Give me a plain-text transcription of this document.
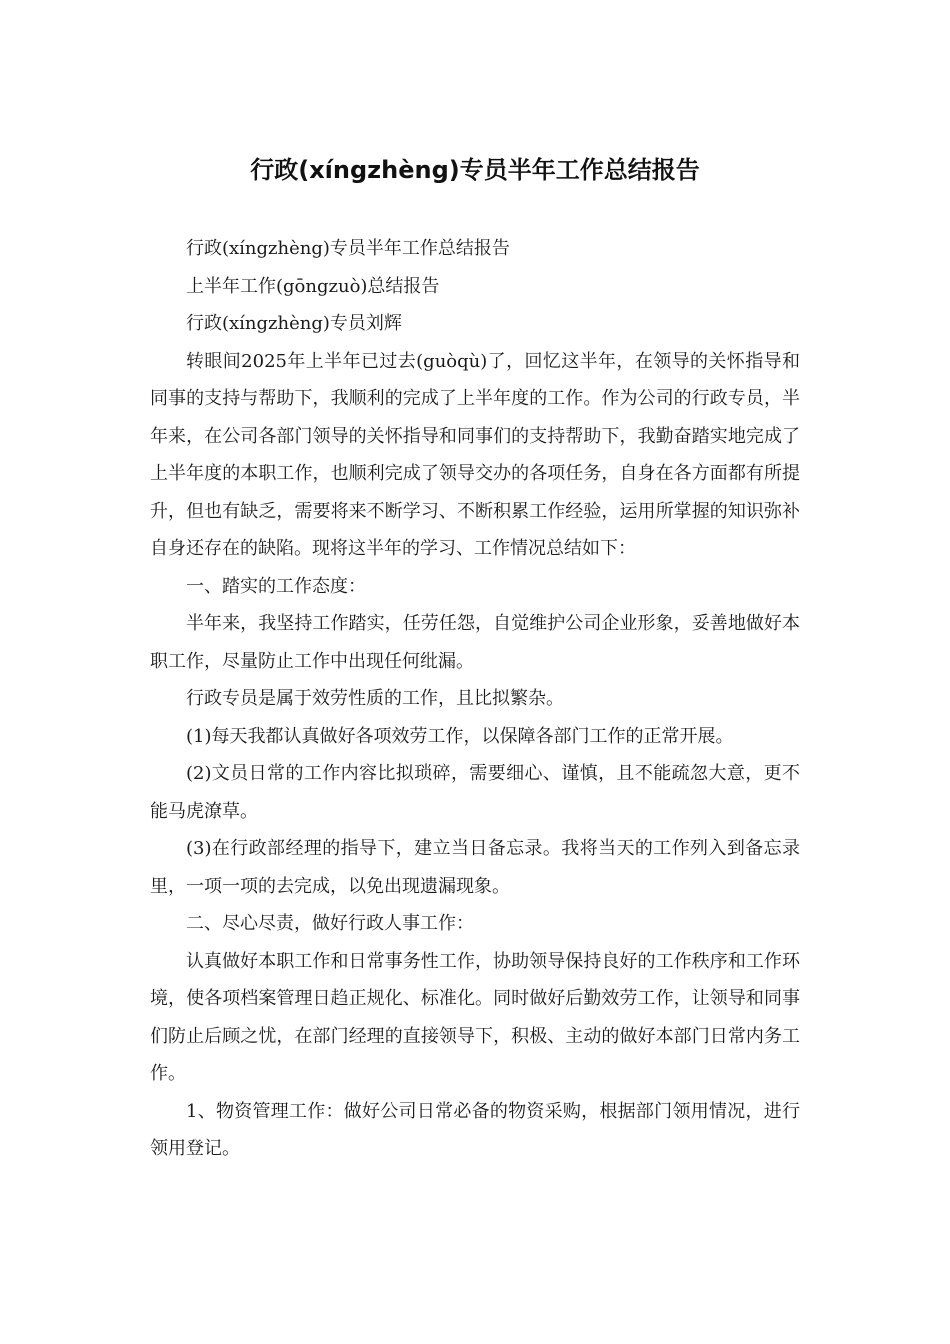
行政(xíngzhèng)专员半年工作总结报告

行政(xíngzhèng)专员半年工作总结报告

上半年工作(gōngzuò)总结报告

行政(xíngzhèng)专员刘辉

转眼间2025年上半年已过去(guòqù)了，回忆这半年，在领导的关怀指导和同事的支持与帮助下，我顺利的完成了上半年度的工作。作为公司的行政专员，半年来，在公司各部门领导的关怀指导和同事们的支持帮助下，我勤奋踏实地完成了上半年度的本职工作，也顺利完成了领导交办的各项任务，自身在各方面都有所提升，但也有缺乏，需要将来不断学习、不断积累工作经验，运用所掌握的知识弥补自身还存在的缺陷。现将这半年的学习、工作情况总结如下：

一、踏实的工作态度：

半年来，我坚持工作踏实，任劳任怨，自觉维护公司企业形象，妥善地做好本职工作，尽量防止工作中出现任何纰漏。

行政专员是属于效劳性质的工作，且比拟繁杂。

(1)每天我都认真做好各项效劳工作，以保障各部门工作的正常开展。

(2)文员日常的工作内容比拟琐碎，需要细心、谨慎，且不能疏忽大意，更不能马虎潦草。

(3)在行政部经理的指导下，建立当日备忘录。我将当天的工作列入到备忘录里，一项一项的去完成，以免出现遗漏现象。

二、尽心尽责，做好行政人事工作：

认真做好本职工作和日常事务性工作，协助领导保持良好的工作秩序和工作环境，使各项档案管理日趋正规化、标准化。同时做好后勤效劳工作，让领导和同事们防止后顾之忧，在部门经理的直接领导下，积极、主动的做好本部门日常内务工作。

1、物资管理工作：做好公司日常必备的物资采购，根据部门领用情况，进行领用登记。
